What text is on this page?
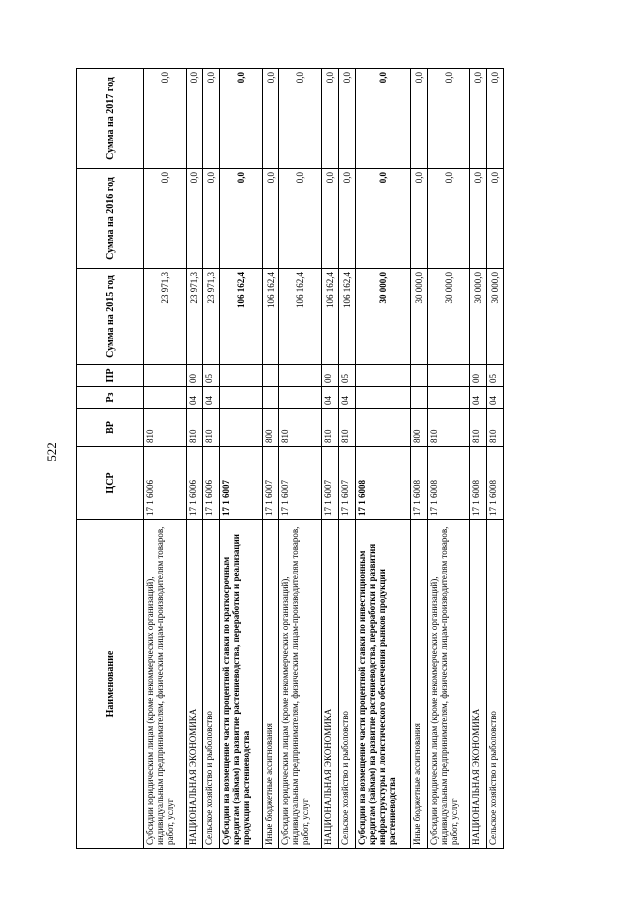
522
Наименование	ЦСР	ВР	Рз	ПР	Сумма на 2015 год	Сумма на 2016 год	Сумма на 2017 год
Субсидии юридическим лицам (кроме некоммерческих организаций), индивидуальным предпринимателям, физическим лицам-производителям товаров, работ, услуг	17 1 6006	810			23 971,3	0,0	0,0
НАЦИОНАЛЬНАЯ ЭКОНОМИКА	17 1 6006	810	04	00	23 971,3	0,0	0,0
Сельское хозяйство и рыболовство	17 1 6006	810	04	05	23 971,3	0,0	0,0
Субсидии на возмещение части процентной ставки по краткосрочным кредитам (займам) на развитие растениеводства, переработки и реализации продукции растениеводства	17 1 6007				106 162,4	0,0	0,0
Иные бюджетные ассигнования	17 1 6007	800			106 162,4	0,0	0,0
Субсидии юридическим лицам (кроме некоммерческих организаций), индивидуальным предпринимателям, физическим лицам-производителям товаров, работ, услуг	17 1 6007	810			106 162,4	0,0	0,0
НАЦИОНАЛЬНАЯ ЭКОНОМИКА	17 1 6007	810	04	00	106 162,4	0,0	0,0
Сельское хозяйство и рыболовство	17 1 6007	810	04	05	106 162,4	0,0	0,0
Субсидии на возмещение части процентной ставки по инвестиционным кредитам (займам) на развитие растениеводства, переработки и развития инфраструктуры и логистического обеспечения рынков продукции растениеводства	17 1 6008				30 000,0	0,0	0,0
Иные бюджетные ассигнования	17 1 6008	800			30 000,0	0,0	0,0
Субсидии юридическим лицам (кроме некоммерческих организаций), индивидуальным предпринимателям, физическим лицам-производителям товаров, работ, услуг	17 1 6008	810			30 000,0	0,0	0,0
НАЦИОНАЛЬНАЯ ЭКОНОМИКА	17 1 6008	810	04	00	30 000,0	0,0	0,0
Сельское хозяйство и рыболовство	17 1 6008	810	04	05	30 000,0	0,0	0,0
